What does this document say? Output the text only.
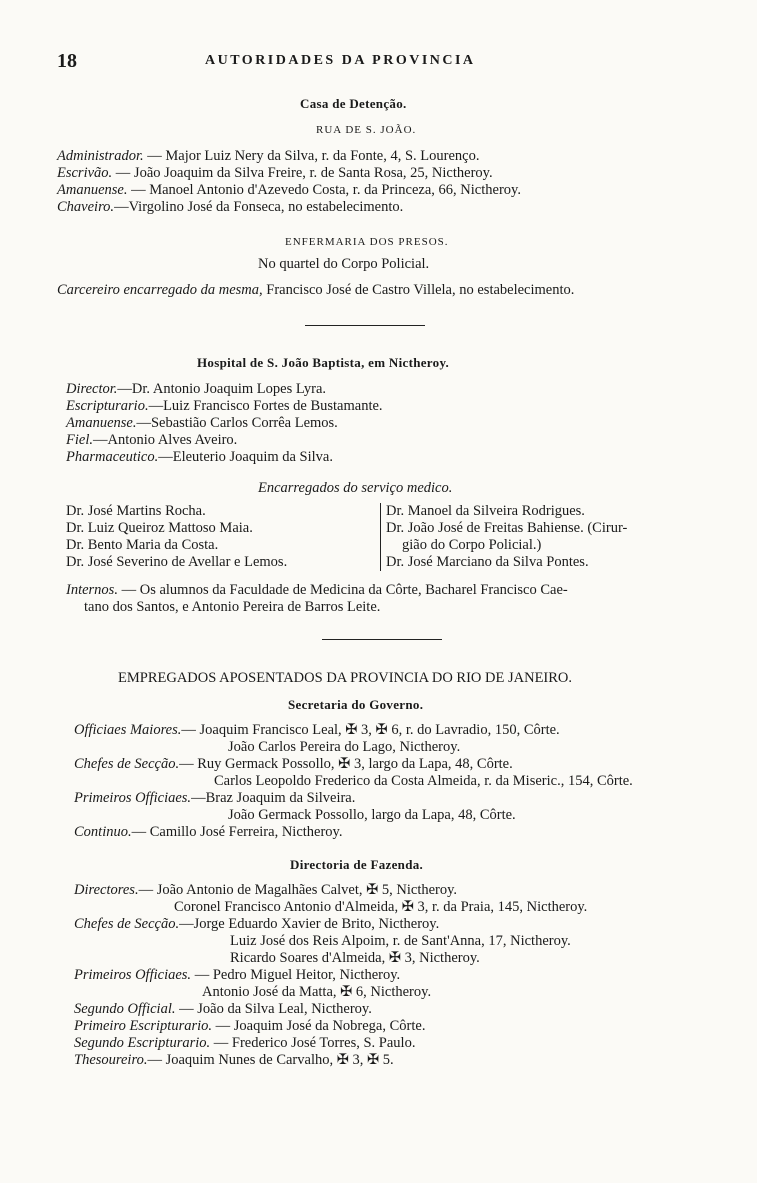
18	AUTORIDADES DA PROVINCIA
Casa de Detenção.
RUA DE S. JOÃO.
Administrador. — Major Luiz Nery da Silva, r. da Fonte, 4, S. Lourenço.
Escrivão. — João Joaquim da Silva Freire, r. de Santa Rosa, 25, Nictheroy.
Amanuense. — Manoel Antonio d'Azevedo Costa, r. da Princeza, 66, Nictheroy.
Chaveiro.—Virgolino José da Fonseca, no estabelecimento.
ENFERMARIA DOS PRESOS.
No quartel do Corpo Policial.
Carcereiro encarregado da mesma, Francisco José de Castro Villela, no estabelecimento.
Hospital de S. João Baptista, em Nictheroy.
Director.—Dr. Antonio Joaquim Lopes Lyra.
Escripturario.—Luiz Francisco Fortes de Bustamante.
Amanuense.—Sebastião Carlos Corrêa Lemos.
Fiel.—Antonio Alves Aveiro.
Pharmaceutico.—Eleuterio Joaquim da Silva.
Encarregados do serviço medico.
Dr. José Martins Rocha.
Dr. Luiz Queiroz Mattoso Maia.
Dr. Bento Maria da Costa.
Dr. José Severino de Avellar e Lemos.
Dr. Manoel da Silveira Rodrigues.
Dr. João José de Freitas Bahiense. (Cirur-
gião do Corpo Policial.)
Dr. José Marciano da Silva Pontes.
Internos. — Os alumnos da Faculdade de Medicina da Côrte, Bacharel Francisco Cae-
tano dos Santos, e Antonio Pereira de Barros Leite.
EMPREGADOS APOSENTADOS DA PROVINCIA DO RIO DE JANEIRO.
Secretaria do Governo.
Officiaes Maiores.— Joaquim Francisco Leal, ✠ 3, ✠ 6, r. do Lavradio, 150, Côrte.
João Carlos Pereira do Lago, Nictheroy.
Chefes de Secção.— Ruy Germack Possollo, ✠ 3, largo da Lapa, 48, Côrte.
Carlos Leopoldo Frederico da Costa Almeida, r. da Miseric., 154, Côrte.
Primeiros Officiaes.—Braz Joaquim da Silveira.
João Germack Possollo, largo da Lapa, 48, Côrte.
Continuo.— Camillo José Ferreira, Nictheroy.
Directoria de Fazenda.
Directores.— João Antonio de Magalhães Calvet, ✠ 5, Nictheroy.
Coronel Francisco Antonio d'Almeida, ✠ 3, r. da Praia, 145, Nictheroy.
Chefes de Secção.—Jorge Eduardo Xavier de Brito, Nictheroy.
Luiz José dos Reis Alpoim, r. de Sant'Anna, 17, Nictheroy.
Ricardo Soares d'Almeida, ✠ 3, Nictheroy.
Primeiros Officiaes. — Pedro Miguel Heitor, Nictheroy.
Antonio José da Matta, ✠ 6, Nictheroy.
Segundo Official. — João da Silva Leal, Nictheroy.
Primeiro Escripturario. — Joaquim José da Nobrega, Côrte.
Segundo Escripturario. — Frederico José Torres, S. Paulo.
Thesoureiro.— Joaquim Nunes de Carvalho, ✠ 3, ✠ 5.
